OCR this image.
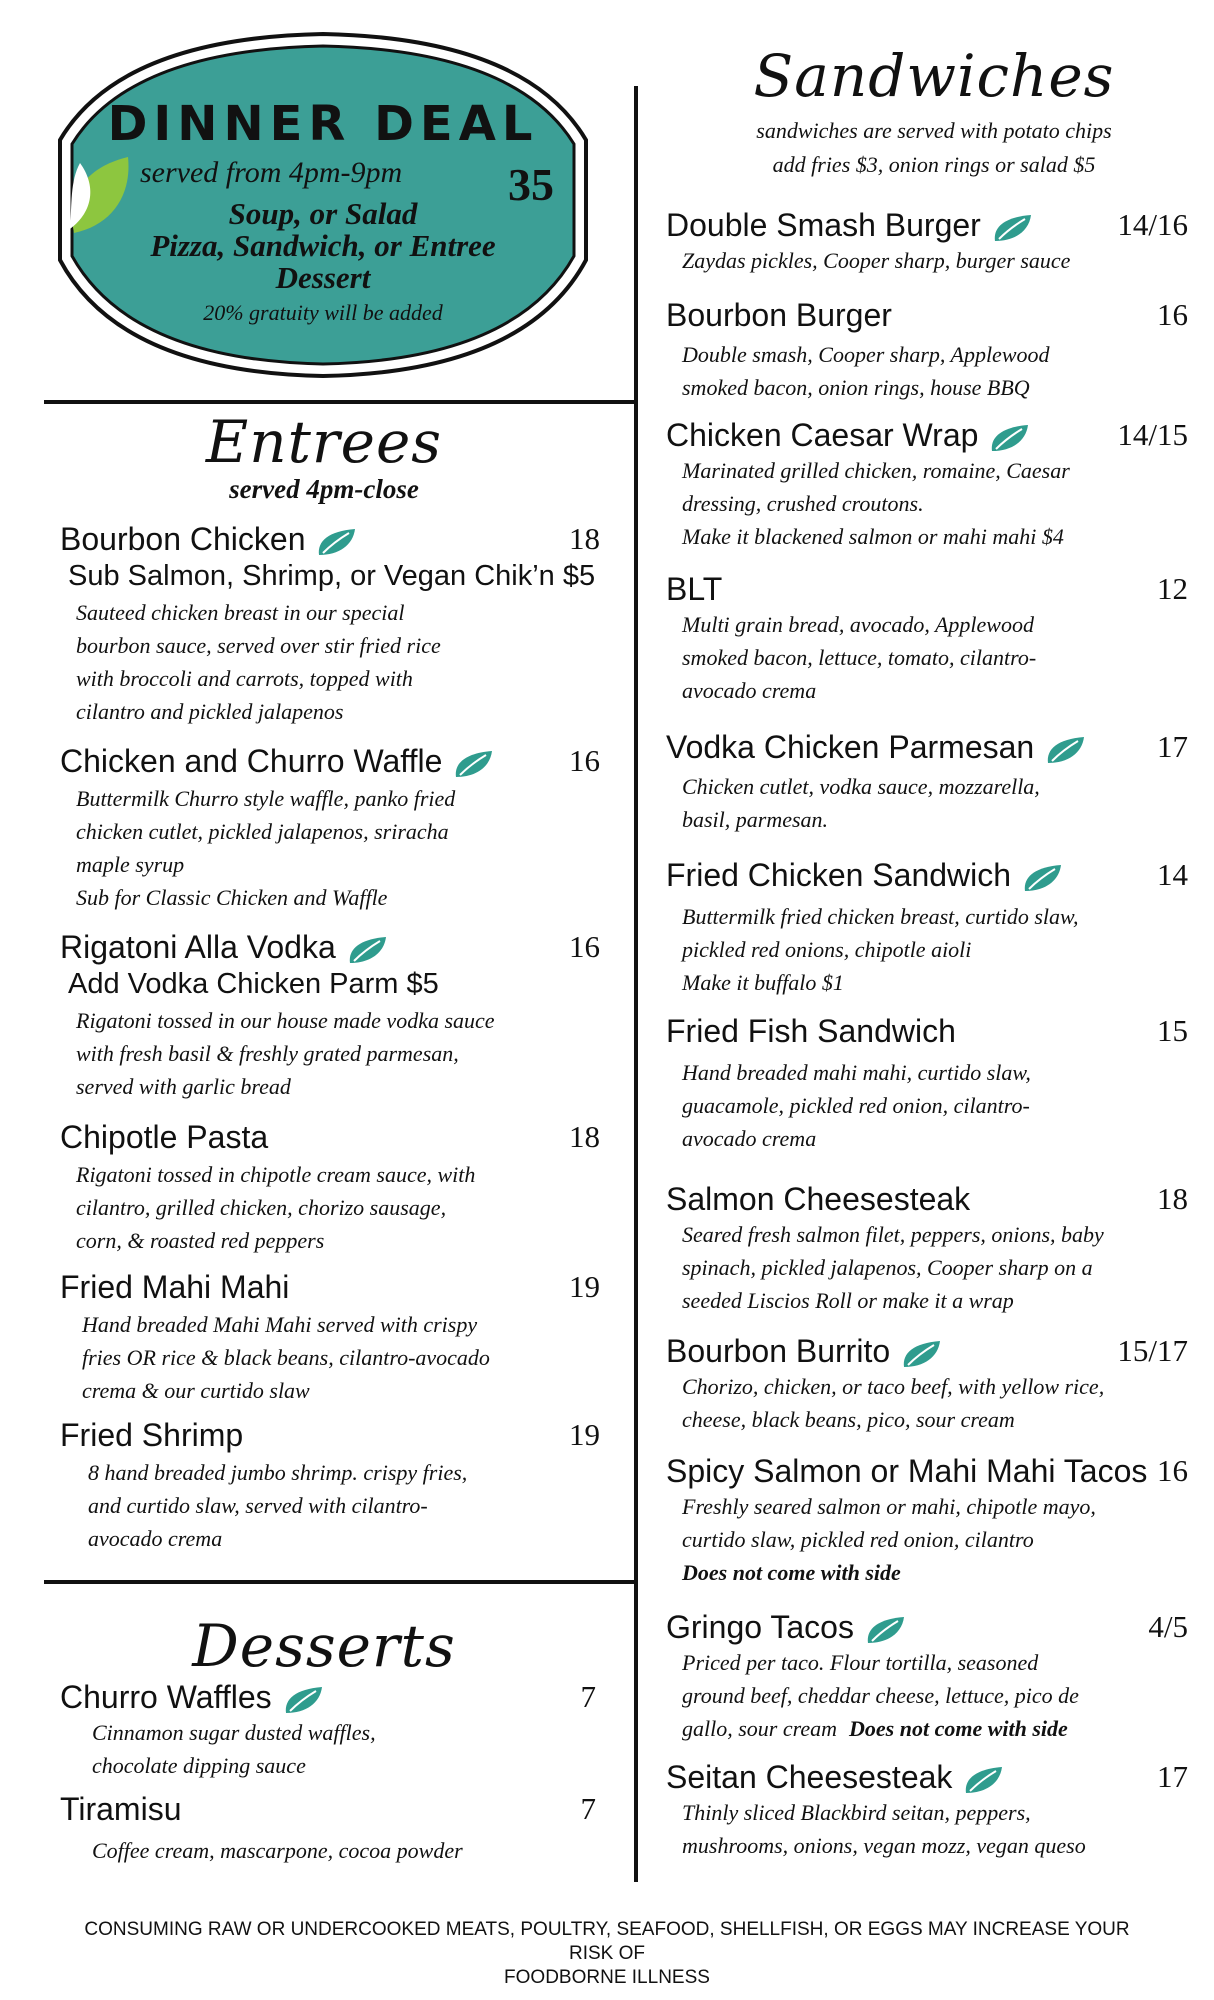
DINNER DEAL
served from 4pm-9pm 35
Soup, or Salad
Pizza, Sandwich, or Entree
Dessert
20% gratuity will be added
Entrees
served 4pm-close
Bourbon Chicken	18
Sub Salmon, Shrimp, or Vegan Chik’n $5
Sauteed chicken breast in our special
bourbon sauce, served over stir fried rice
with broccoli and carrots, topped with
cilantro and pickled jalapenos
Chicken and Churro Waffle	16
Buttermilk Churro style waffle, panko fried
chicken cutlet, pickled jalapenos, sriracha
maple syrup
Sub for Classic Chicken and Waffle
Rigatoni Alla Vodka	16
Add Vodka Chicken Parm $5
Rigatoni tossed in our house made vodka sauce
with fresh basil & freshly grated parmesan,
served with garlic bread
Chipotle Pasta	18
Rigatoni tossed in chipotle cream sauce, with
cilantro, grilled chicken, chorizo sausage,
corn, & roasted red peppers
Fried Mahi Mahi	19
Hand breaded Mahi Mahi served with crispy
fries OR rice & black beans, cilantro-avocado
crema & our curtido slaw
Fried Shrimp	19
8 hand breaded jumbo shrimp. crispy fries,
and curtido slaw, served with cilantro-
avocado crema
Desserts
Churro Waffles	7
Cinnamon sugar dusted waffles,
chocolate dipping sauce
Tiramisu	7
Coffee cream, mascarpone, cocoa powder
Sandwiches
sandwiches are served with potato chips
add fries $3, onion rings or salad $5
Double Smash Burger	14/16
Zaydas pickles, Cooper sharp, burger sauce
Bourbon Burger	16
Double smash, Cooper sharp, Applewood
smoked bacon, onion rings, house BBQ
Chicken Caesar Wrap	14/15
Marinated grilled chicken, romaine, Caesar
dressing, crushed croutons.
Make it blackened salmon or mahi mahi $4
BLT	12
Multi grain bread, avocado, Applewood
smoked bacon, lettuce, tomato, cilantro-
avocado crema
Vodka Chicken Parmesan	17
Chicken cutlet, vodka sauce, mozzarella,
basil, parmesan.
Fried Chicken Sandwich	14
Buttermilk fried chicken breast, curtido slaw,
pickled red onions, chipotle aioli
Make it buffalo $1
Fried Fish Sandwich	15
Hand breaded mahi mahi, curtido slaw,
guacamole, pickled red onion, cilantro-
avocado crema
Salmon Cheesesteak	18
Seared fresh salmon filet, peppers, onions, baby
spinach, pickled jalapenos, Cooper sharp on a
seeded Liscios Roll or make it a wrap
Bourbon Burrito	15/17
Chorizo, chicken, or taco beef, with yellow rice,
cheese, black beans, pico, sour cream
Spicy Salmon or Mahi Mahi Tacos 16
Freshly seared salmon or mahi, chipotle mayo,
curtido slaw, pickled red onion, cilantro
Does not come with side
Gringo Tacos	4/5
Priced per taco. Flour tortilla, seasoned
ground beef, cheddar cheese, lettuce, pico de
gallo, sour cream Does not come with side
Seitan Cheesesteak	17
Thinly sliced Blackbird seitan, peppers,
mushrooms, onions, vegan mozz, vegan queso
CONSUMING RAW OR UNDERCOOKED MEATS, POULTRY, SEAFOOD, SHELLFISH, OR EGGS MAY INCREASE YOUR RISK OF
FOODBORNE ILLNESS
